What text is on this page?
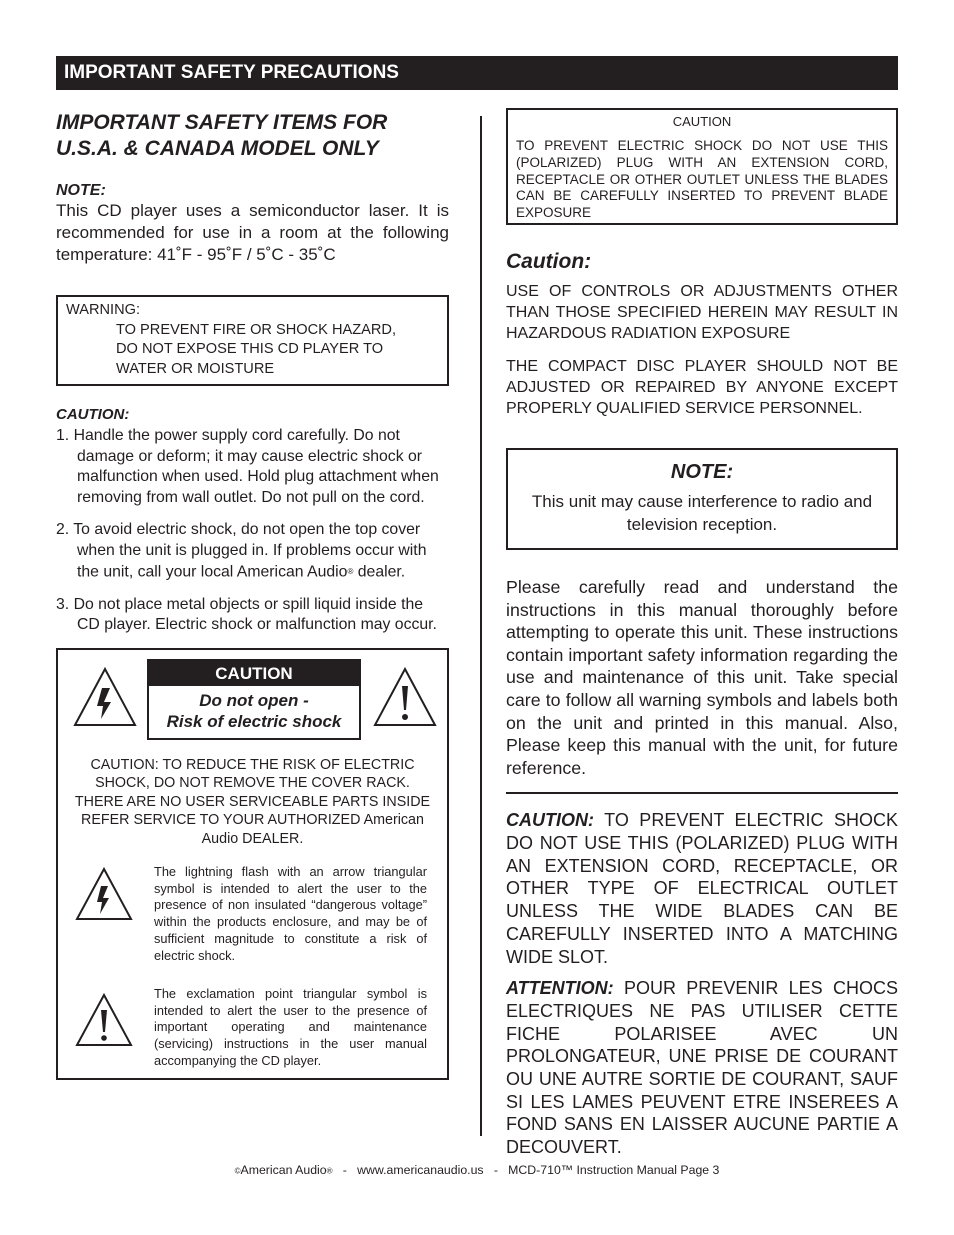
IMPORTANT SAFETY PRECAUTIONS
IMPORTANT SAFETY ITEMS FOR
U.S.A. & CANADA MODEL ONLY
NOTE:

This CD player uses a semiconductor laser. It is recommended for use in a room at the following temperature: 41˚F - 95˚F / 5˚C - 35˚C

WARNING:
TO PREVENT FIRE OR SHOCK HAZARD,
DO NOT EXPOSE THIS CD PLAYER TO
WATER OR MOISTURE
CAUTION:
1. Handle the power supply cord carefully. Do not damage or deform; it may cause electric shock or malfunction when used. Hold plug attachment when removing from wall outlet. Do not pull on the cord.
2. To avoid electric shock, do not open the top cover when the unit is plugged in. If problems occur with the unit, call your local American Audio® dealer.
3. Do not place metal objects or spill liquid inside the CD player. Electric shock or malfunction may occur.
CAUTION
Do not open -
Risk of electric shock
CAUTION: TO REDUCE THE RISK OF ELECTRIC SHOCK, DO NOT REMOVE THE COVER RACK. THERE ARE NO USER SERVICEABLE PARTS INSIDE REFER SERVICE TO YOUR AUTHORIZED American Audio DEALER.
The lightning flash with an arrow triangular symbol is intended to alert the user to the presence of non insulated “dangerous voltage” within the products enclosure, and may be of sufficient magnitude to constitute a risk of electric shock.
The exclamation point triangular symbol is intended to alert the user to the presence of important operating and maintenance (servicing) instructions in the user manual accompanying the CD player.
CAUTION
TO PREVENT ELECTRIC SHOCK DO NOT USE THIS (POLARIZED) PLUG WITH AN EXTENSION CORD, RECEPTACLE OR OTHER OUTLET UNLESS THE BLADES CAN BE CAREFULLY INSERTED TO PREVENT BLADE EXPOSURE
Caution:

USE OF CONTROLS OR ADJUSTMENTS OTHER THAN THOSE SPECIFIED HEREIN MAY RESULT IN HAZARDOUS RADIATION EXPOSURE

THE COMPACT DISC PLAYER SHOULD NOT BE ADJUSTED OR REPAIRED BY ANYONE EXCEPT PROPERLY QUALIFIED SERVICE PERSONNEL.

NOTE:
This unit may cause interference to radio and television reception.
Please carefully read and understand the instructions in this manual thoroughly before attempting to operate this unit. These instructions contain important safety information regarding the use and maintenance of this unit. Take special care to follow all warning symbols and labels both on the unit and printed in this manual. Also, Please keep this manual with the unit, for future reference.
CAUTION: TO PREVENT ELECTRIC SHOCK DO NOT USE THIS (POLARIZED) PLUG WITH AN EXTENSION CORD, RECEPTACLE, OR OTHER TYPE OF ELECTRICAL OUTLET UNLESS THE WIDE BLADES CAN BE CAREFULLY INSERTED INTO A MATCHING WIDE SLOT.
ATTENTION: POUR PREVENIR LES CHOCS ELECTRIQUES NE PAS UTILISER CETTE FICHE POLARISEE AVEC UN PROLONGATEUR, UNE PRISE DE COURANT OU UNE AUTRE SORTIE DE COURANT, SAUF SI LES LAMES PEUVENT ETRE INSEREES A FOND SANS EN LAISSER AUCUNE PARTIE A DECOUVERT.
©American Audio®   -   www.americanaudio.us   -   MCD-710™ Instruction Manual Page 3
